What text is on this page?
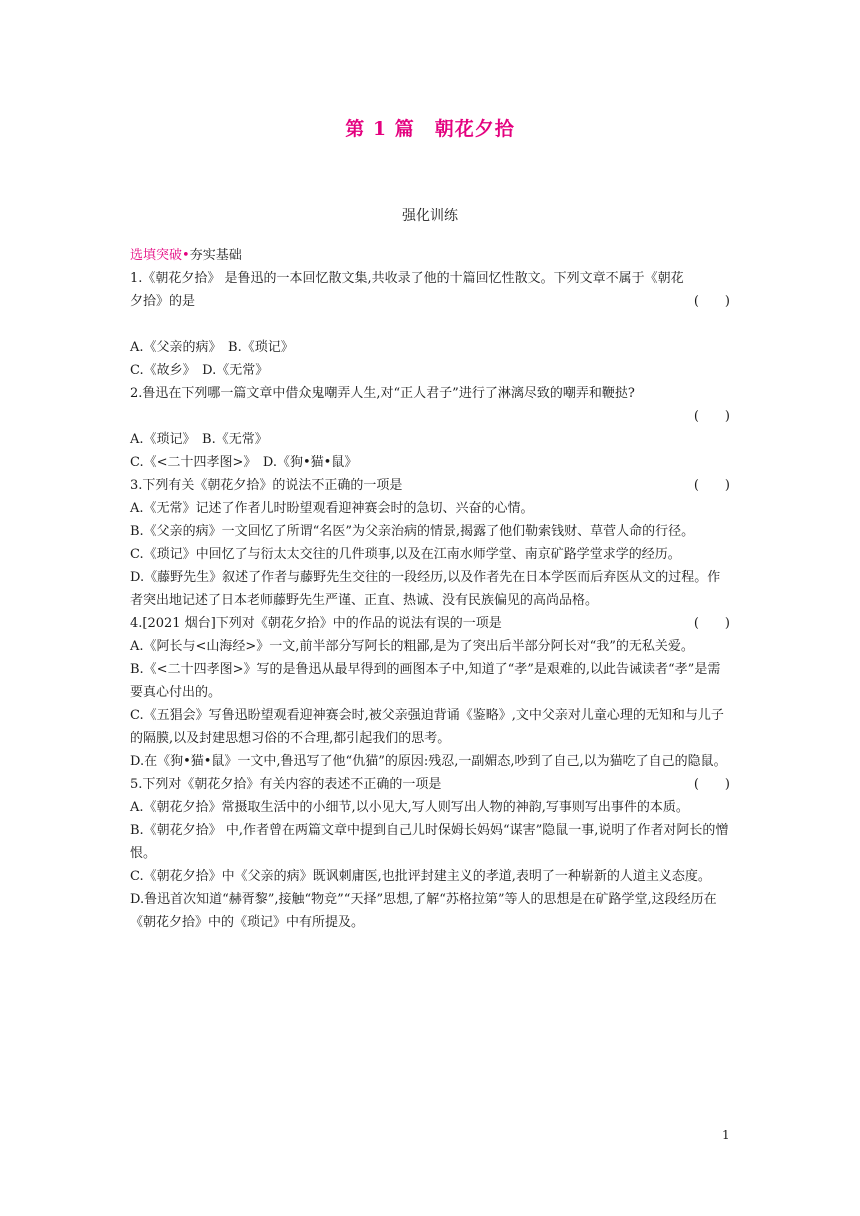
第 1 篇　朝花夕拾
强化训练

选填突破•夯实基础

1.《朝花夕拾》 是鲁迅的一本回忆散文集,共收录了他的十篇回忆性散文。下列文章不属于《朝花夕拾》的是	(　　)

A.《父亲的病》　B.《琐记》

C.《故乡》　D.《无常》

2.鲁迅在下列哪一篇文章中借众鬼嘲弄人生,对“正人君子”进行了淋漓尽致的嘲弄和鞭挞?

(　　)

A.《琐记》　B.《无常》

C.《<二十四孝图>》　D.《狗•猫•鼠》

3.下列有关《朝花夕拾》的说法不正确的一项是	(　　)

A.《无常》记述了作者儿时盼望观看迎神赛会时的急切、兴奋的心情。

B.《父亲的病》一文回忆了所谓“名医”为父亲治病的情景,揭露了他们勒索钱财、草菅人命的行径。

C.《琐记》中回忆了与衍太太交往的几件琐事,以及在江南水师学堂、南京矿路学堂求学的经历。

D.《藤野先生》叙述了作者与藤野先生交往的一段经历,以及作者先在日本学医而后弃医从文的过程。作者突出地记述了日本老师藤野先生严谨、正直、热诚、没有民族偏见的高尚品格。

4.[2021 烟台]下列对《朝花夕拾》中的作品的说法有误的一项是	(　　)

A.《阿长与<山海经>》一文,前半部分写阿长的粗鄙,是为了突出后半部分阿长对“我”的无私关爱。

B.《<二十四孝图>》写的是鲁迅从最早得到的画图本子中,知道了“孝”是艰难的,以此告诫读者“孝”是需要真心付出的。

C.《五猖会》写鲁迅盼望观看迎神赛会时,被父亲强迫背诵《鉴略》,文中父亲对儿童心理的无知和与儿子的隔膜,以及封建思想习俗的不合理,都引起我们的思考。

D.在《狗•猫•鼠》一文中,鲁迅写了他“仇猫”的原因:残忍,一副媚态,吵到了自己,以为猫吃了自己的隐鼠。

5.下列对《朝花夕拾》有关内容的表述不正确的一项是	(　　)

A.《朝花夕拾》常摄取生活中的小细节,以小见大,写人则写出人物的神韵,写事则写出事件的本质。

B.《朝花夕拾》 中,作者曾在两篇文章中提到自己儿时保姆长妈妈“谋害”隐鼠一事,说明了作者对阿长的憎恨。

C.《朝花夕拾》中《父亲的病》既讽刺庸医,也批评封建主义的孝道,表明了一种崭新的人道主义态度。

D.鲁迅首次知道“赫胥黎”,接触“物竞”“天择”思想,了解“苏格拉第”等人的思想是在矿路学堂,这段经历在《朝花夕拾》中的《琐记》中有所提及。

1
